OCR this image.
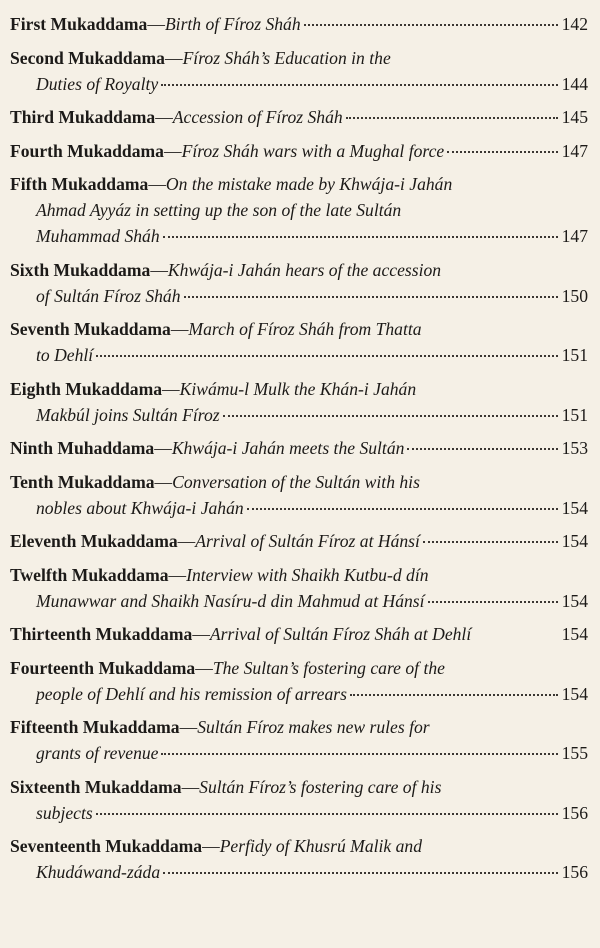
First Mukaddama — Birth of Fíroz Sháh	142
Second Mukaddama — Fíroz Sháh’s Education in the
Duties of Royalty	144
Third Mukaddama — Accession of Fíroz Sháh	145
Fourth Mukaddama — Fíroz Sháh wars with a Mughal force	147
Fifth Mukaddama — On the mistake made by Khwája-i Jahán
Ahmad Ayyáz in setting up the son of the late Sultán
Muhammad Sháh	147
Sixth Mukaddama — Khwája-i Jahán hears of the accession
of Sultán Fíroz Sháh	150
Seventh Mukaddama — March of Fíroz Sháh from Thatta
to Dehlí	151
Eighth Mukaddama — Kiwámu-l Mulk the Khán-i Jahán
Makbúl joins Sultán Fíroz	151
Ninth Muhaddama — Khwája-i Jahán meets the Sultán	153
Tenth Mukaddama — Conversation of the Sultán with his
nobles about Khwája-i Jahán	154
Eleventh Mukaddama — Arrival of Sultán Fíroz at Hánsí	154
Twelfth Mukaddama — Interview with Shaikh Kutbu-d dín
Munawwar and Shaikh Nasíru-d din Mahmud at Hánsí	154
Thirteenth Mukaddama — Arrival of Sultán Fíroz Sháh at Dehlí	154
Fourteenth Mukaddama — The Sultan’s fostering care of the
people of Dehlí and his remission of arrears	154
Fifteenth Mukaddama — Sultán Fíroz makes new rules for
grants of revenue	155
Sixteenth Mukaddama — Sultán Fíroz’s fostering care of his
subjects	156
Seventeenth Mukaddama — Perfidy of Khusrú Malik and
Khudáwand-záda	156
